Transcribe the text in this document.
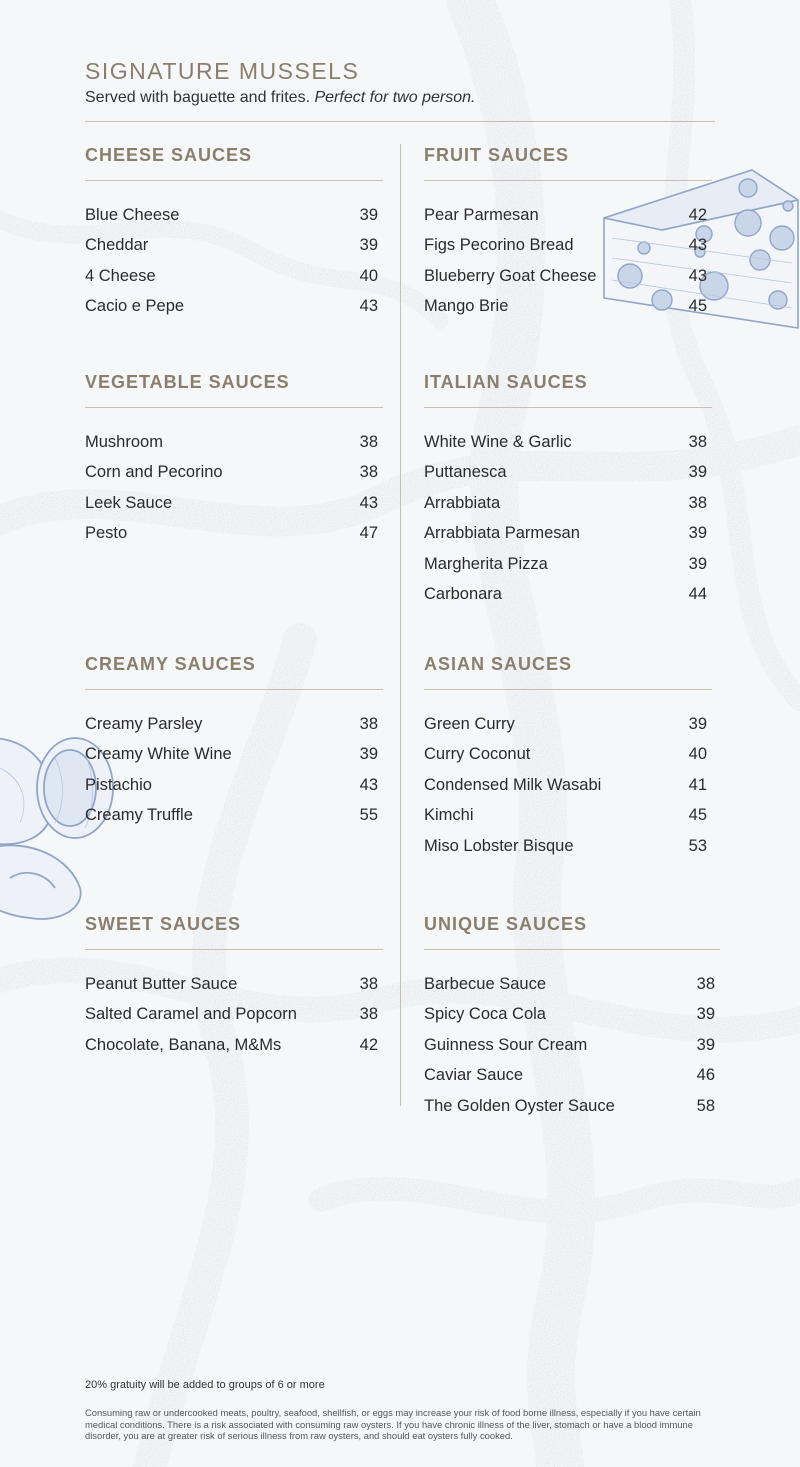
SIGNATURE MUSSELS
Served with baguette and frites. Perfect for two person.
CHEESE SAUCES
Blue Cheese	39
Cheddar	39
4 Cheese	40
Cacio e Pepe	43
VEGETABLE SAUCES
Mushroom	38
Corn and Pecorino	38
Leek Sauce	43
Pesto	47
CREAMY SAUCES
Creamy Parsley	38
Creamy White Wine	39
Pistachio	43
Creamy Truffle	55
SWEET SAUCES
Peanut Butter Sauce	38
Salted Caramel and Popcorn	38
Chocolate, Banana, M&Ms	42
FRUIT SAUCES
Pear Parmesan	42
Figs Pecorino Bread	43
Blueberry Goat Cheese	43
Mango Brie	45
ITALIAN SAUCES
White Wine & Garlic	38
Puttanesca	39
Arrabbiata	38
Arrabbiata Parmesan	39
Margherita Pizza	39
Carbonara	44
ASIAN SAUCES
Green Curry	39
Curry Coconut	40
Condensed Milk Wasabi	41
Kimchi	45
Miso Lobster Bisque	53
UNIQUE SAUCES
Barbecue Sauce	38
Spicy Coca Cola	39
Guinness Sour Cream	39
Caviar Sauce	46
The Golden Oyster Sauce	58
20% gratuity will be added to groups of 6 or more
Consuming raw or undercooked meats, poultry, seafood, shellfish, or eggs may increase your risk of food borne illness, especially if you have certain medical conditions. There is a risk associated with consuming raw oysters. If you have chronic illness of the liver, stomach or have a blood immune disorder, you are at greater risk of serious illness from raw oysters, and should eat oysters fully cooked.
